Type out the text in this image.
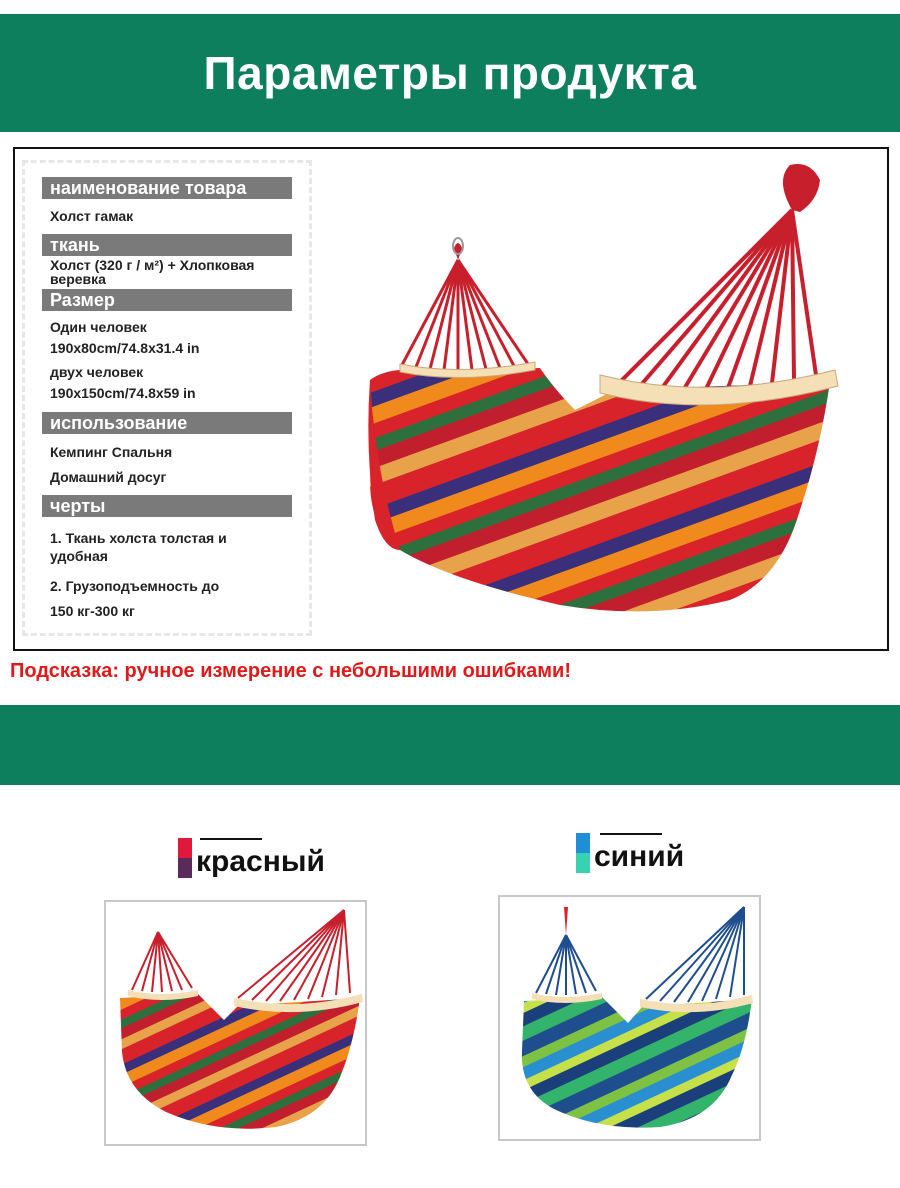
Параметры продукта
наименование товара
Холст гамак
ткань
Холст (320 г / м²) + Хлопковая
веревка
Размер
Один человек
190x80cm/74.8x31.4 in
двух человек
190x150cm/74.8x59 in
использование
Кемпинг Спальня
Домашний досуг
черты
1. Ткань холста толстая и
удобная
2. Грузоподъемность до
150 кг-300 кг
Подсказка: ручное измерение с небольшими ошибками!
красный	синий
